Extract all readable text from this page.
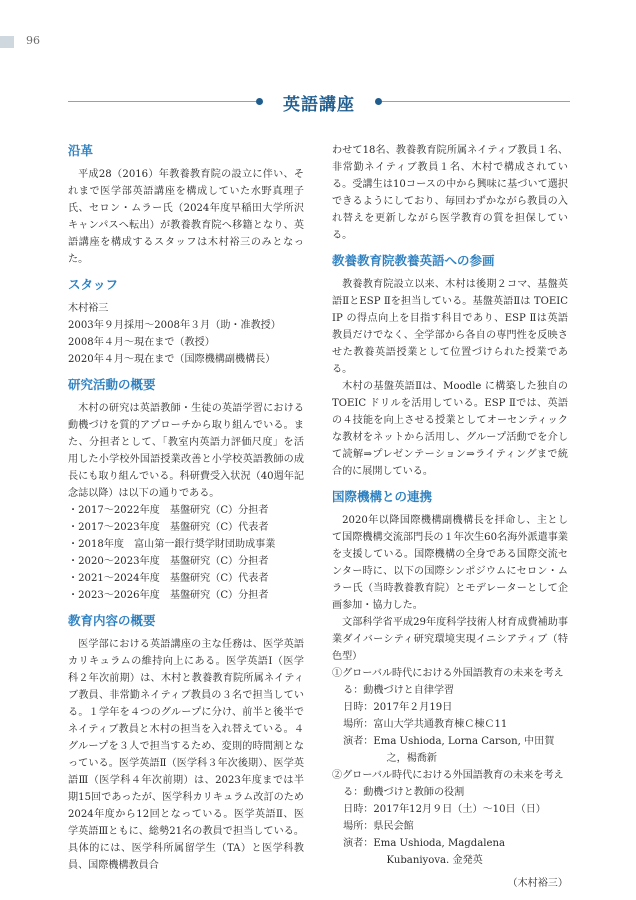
96
英語講座
沿革

平成28（2016）年教養教育院の設立に伴い、それまで医学部英語講座を構成していた水野真理子氏、セロン・ムラー氏（2024年度早稲田大学所沢キャンパスへ転出）が教養教育院へ移籍となり、英語講座を構成するスタッフは木村裕三のみとなった。

スタッフ

木村裕三

2003年９月採用〜2008年３月（助・准教授）

2008年４月〜現在まで（教授）

2020年４月〜現在まで（国際機構副機構長）

研究活動の概要

木村の研究は英語教師・生徒の英語学習における動機づけを質的アプローチから取り組んでいる。また、分担者として、「教室内英語力評価尺度」を活用した小学校外国語授業改善と小学校英語教師の成長にも取り組んでいる。科研費受入状況（40週年記念誌以降）は以下の通りである。

・2017〜2022年度　基盤研究（C）分担者

・2017〜2023年度　基盤研究（C）代表者

・2018年度　富山第一銀行奨学財団助成事業

・2020〜2023年度　基盤研究（C）分担者

・2021〜2024年度　基盤研究（C）代表者

・2023〜2026年度　基盤研究（C）分担者

教育内容の概要

医学部における英語講座の主な任務は、医学英語カリキュラムの維持向上にある。医学英語Ⅰ（医学科２年次前期）は、木村と教養教育院所属ネイティブ教員、非常勤ネイティブ教員の３名で担当している。１学年を４つのグループに分け、前半と後半でネイティブ教員と木村の担当を入れ替えている。４グループを３人で担当するため、変則的時間割となっている。医学英語Ⅱ（医学科３年次後期）、医学英語Ⅲ（医学科４年次前期）は、2023年度までは半期15回であったが、医学科カリキュラム改訂のため2024年度から12回となっている。医学英語Ⅱ、医学英語Ⅲともに、総勢21名の教員で担当している。具体的には、医学科所属留学生（TA）と医学科教員、国際機構教員合

わせて18名、教養教育院所属ネイティブ教員１名、非常勤ネイティブ教員１名、木村で構成されている。受講生は10コースの中から興味に基づいて選択できるようにしており、毎回わずかながら教員の入れ替えを更新しながら医学教育の質を担保している。

教養教育院教養英語への参画

教養教育院設立以来、木村は後期２コマ、基盤英語ⅡとESP Ⅱを担当している。基盤英語Ⅱは TOEIC IP の得点向上を目指す科目であり、ESP Ⅱは英語教員だけでなく、全学部から各自の専門性を反映させた教養英語授業として位置づけられた授業である。

木村の基盤英語Ⅱは、Moodle に構築した独自の TOEIC ドリルを活用している。ESP Ⅱでは、英語の４技能を向上させる授業としてオーセンティックな教材をネットから活用し、グループ活動でを介して読解⇒プレゼンテーション⇒ライティングまで統合的に展開している。

国際機構との連携

2020年以降国際機構副機構長を拝命し、主として国際機構交流部門長の１年次生60名海外派遣事業を支援している。国際機構の全身である国際交流センター時に、以下の国際シンポジウムにセロン・ムラー氏（当時教養教育院）とモデレーターとして企画参加・協力した。

文部科学省平成29年度科学技術人材育成費補助事業ダイバーシティ研究環境実現イニシアティブ（特色型）

①グローバル時代における外国語教育の未来を考える：動機づけと自律学習

日時：2017年２月19日

場所：富山大学共通教育棟Ｃ棟Ｃ11

演者：Ema Ushioda, Lorna Carson, 中田賀之，楊喬新

②グローバル時代における外国語教育の未来を考える：動機づけと教師の役割

日時：2017年12月９日（土）〜10日（日）

場所：県民会館

演者：Ema Ushioda, Magdalena Kubaniyova. 金発英

（木村裕三）
